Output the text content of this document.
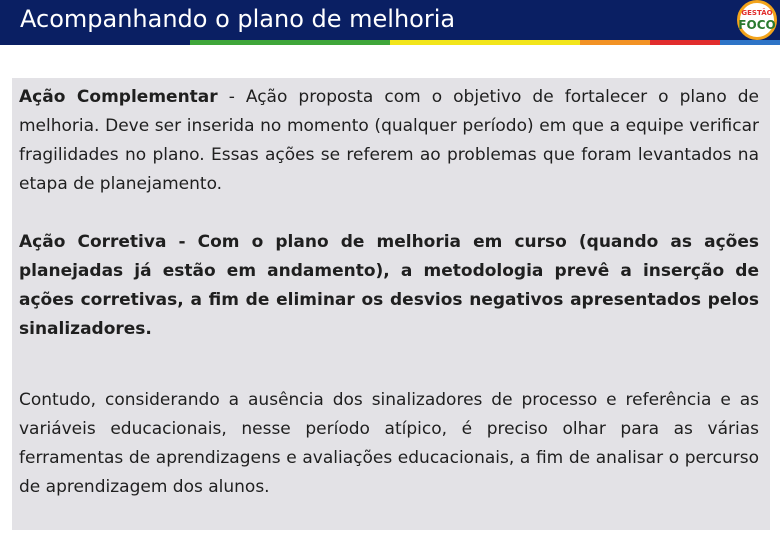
Acompanhando o plano de melhoria	GESTÃO
FOCO
Ação Complementar - Ação proposta com o objetivo de fortalecer o plano de melhoria. Deve ser inserida no momento (qualquer período) em que a equipe verificar fragilidades no plano. Essas ações se referem ao problemas que foram levantados na etapa de planejamento.
Ação Corretiva - Com o plano de melhoria em curso (quando as ações planejadas já estão em andamento), a metodologia prevê a inserção de ações corretivas, a fim de eliminar os desvios negativos apresentados pelos sinalizadores.
Contudo, considerando a ausência dos sinalizadores de processo e referência e as variáveis educacionais, nesse período atípico, é preciso olhar para as várias ferramentas de aprendizagens e avaliações educacionais, a fim de analisar o percurso de aprendizagem dos alunos.
